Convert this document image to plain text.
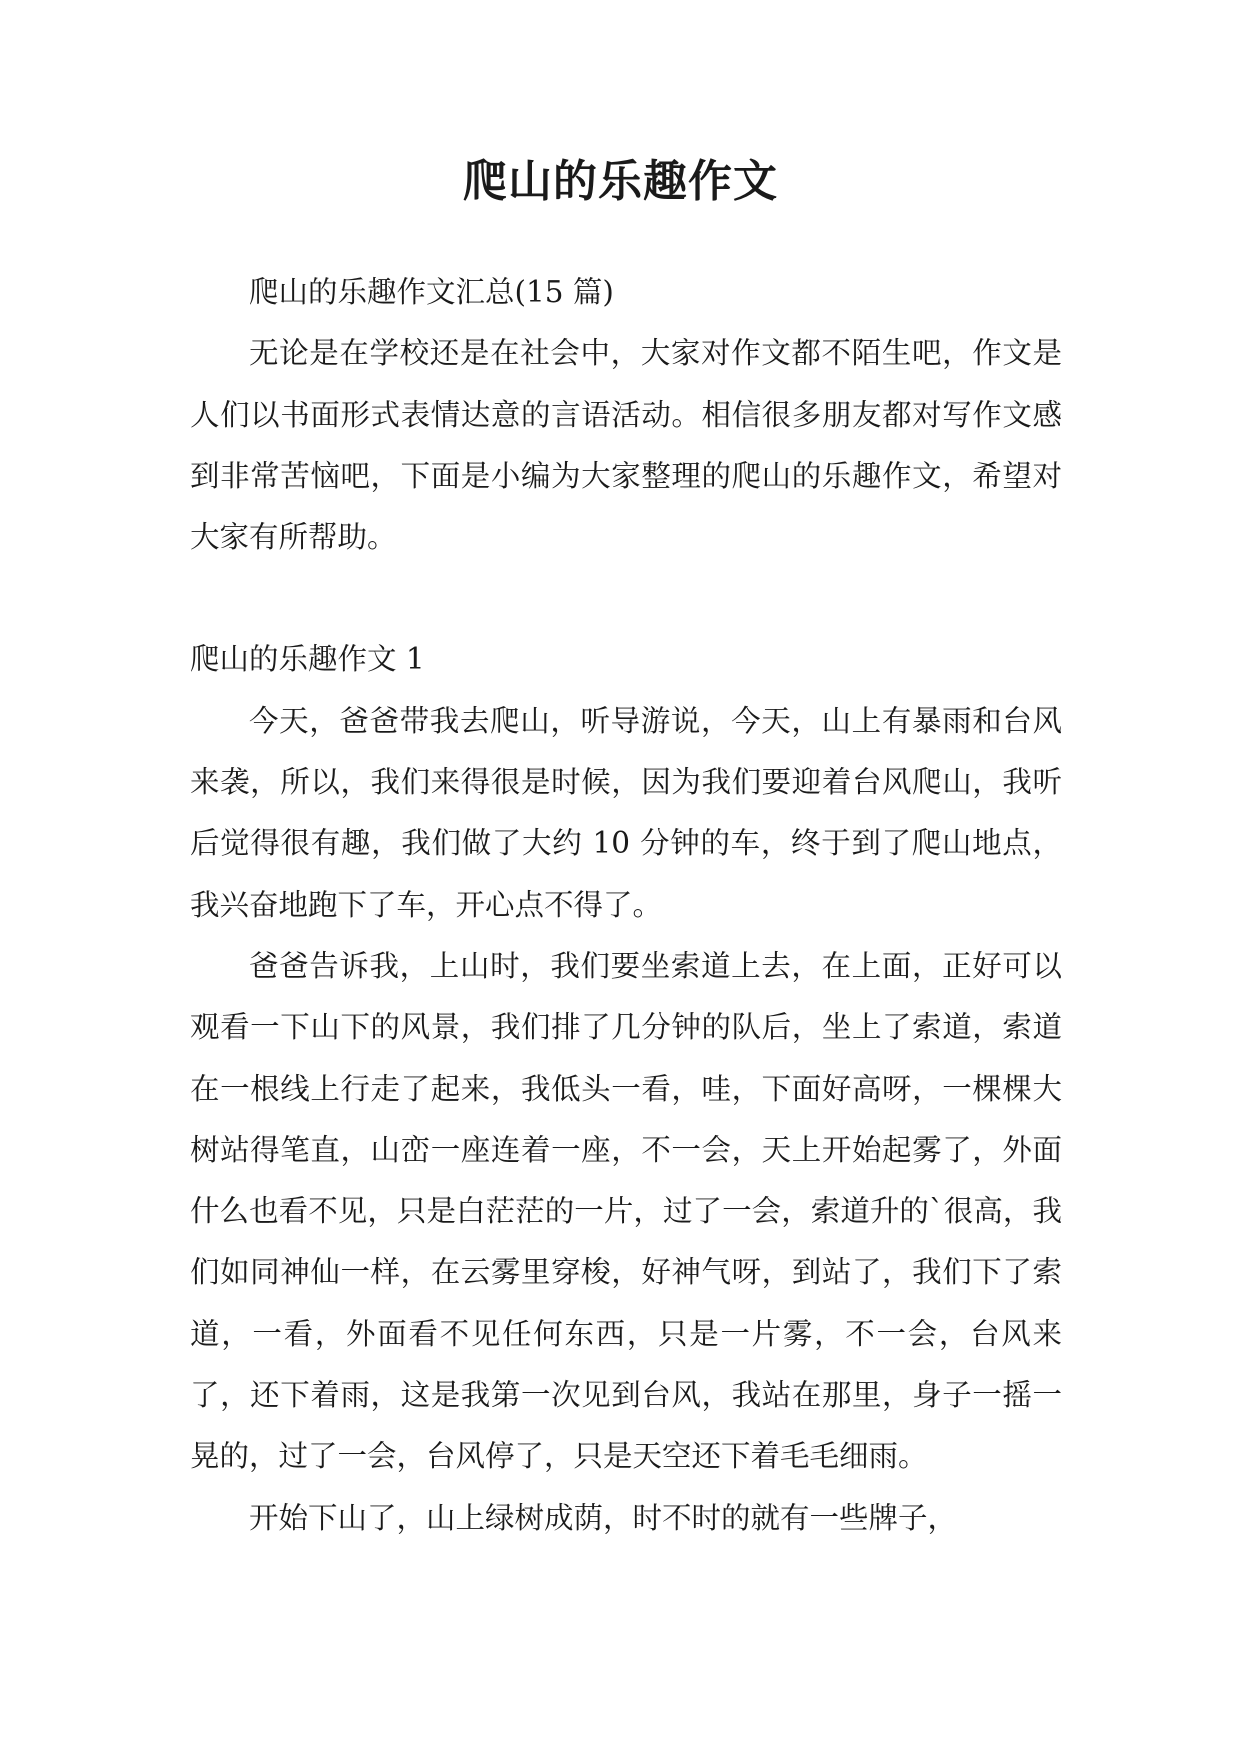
爬山的乐趣作文

爬山的乐趣作文汇总(15 篇)

无论是在学校还是在社会中，大家对作文都不陌生吧，作文是人们以书面形式表情达意的言语活动。相信很多朋友都对写作文感到非常苦恼吧，下面是小编为大家整理的爬山的乐趣作文，希望对大家有所帮助。

爬山的乐趣作文 1

今天，爸爸带我去爬山，听导游说，今天，山上有暴雨和台风来袭，所以，我们来得很是时候，因为我们要迎着台风爬山，我听后觉得很有趣，我们做了大约 10 分钟的车，终于到了爬山地点，我兴奋地跑下了车，开心点不得了。

爸爸告诉我，上山时，我们要坐索道上去，在上面，正好可以观看一下山下的风景，我们排了几分钟的队后，坐上了索道，索道在一根线上行走了起来，我低头一看，哇，下面好高呀，一棵棵大树站得笔直，山峦一座连着一座，不一会，天上开始起雾了，外面什么也看不见，只是白茫茫的一片，过了一会，索道升的`很高，我们如同神仙一样，在云雾里穿梭，好神气呀，到站了，我们下了索道，一看，外面看不见任何东西，只是一片雾，不一会，台风来了，还下着雨，这是我第一次见到台风，我站在那里，身子一摇一晃的，过了一会，台风停了，只是天空还下着毛毛细雨。

开始下山了，山上绿树成荫，时不时的就有一些牌子，
